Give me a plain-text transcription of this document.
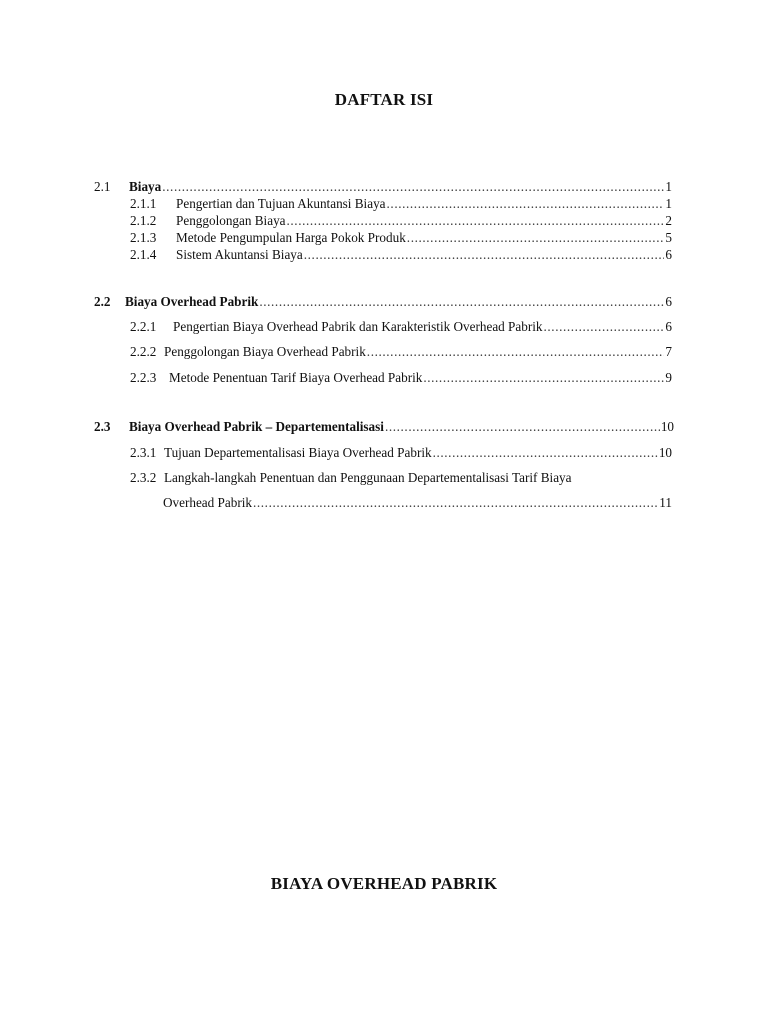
DAFTAR ISI
2.1	Biaya .....	1
2.1.1	Pengertian dan Tujuan Akuntansi Biaya .....	1
2.1.2	Penggolongan Biaya .....	2
2.1.3	Metode Pengumpulan Harga Pokok Produk .....	5
2.1.4	Sistem Akuntansi Biaya .....	6
2.2	Biaya Overhead Pabrik .....	6
2.2.1	Pengertian Biaya Overhead Pabrik dan Karakteristik Overhead Pabrik .....	6
2.2.2 Penggolongan Biaya Overhead Pabrik .....	7
2.2.3 Metode Penentuan Tarif Biaya Overhead Pabrik .....	9
2.3	Biaya Overhead Pabrik – Departementalisasi .....	10
2.3.1 Tujuan Departementalisasi Biaya Overhead Pabrik .....	10
2.3.2 Langkah-langkah Penentuan dan Penggunaan Departementalisasi Tarif Biaya
Overhead Pabrik .....	11
BIAYA OVERHEAD PABRIK
